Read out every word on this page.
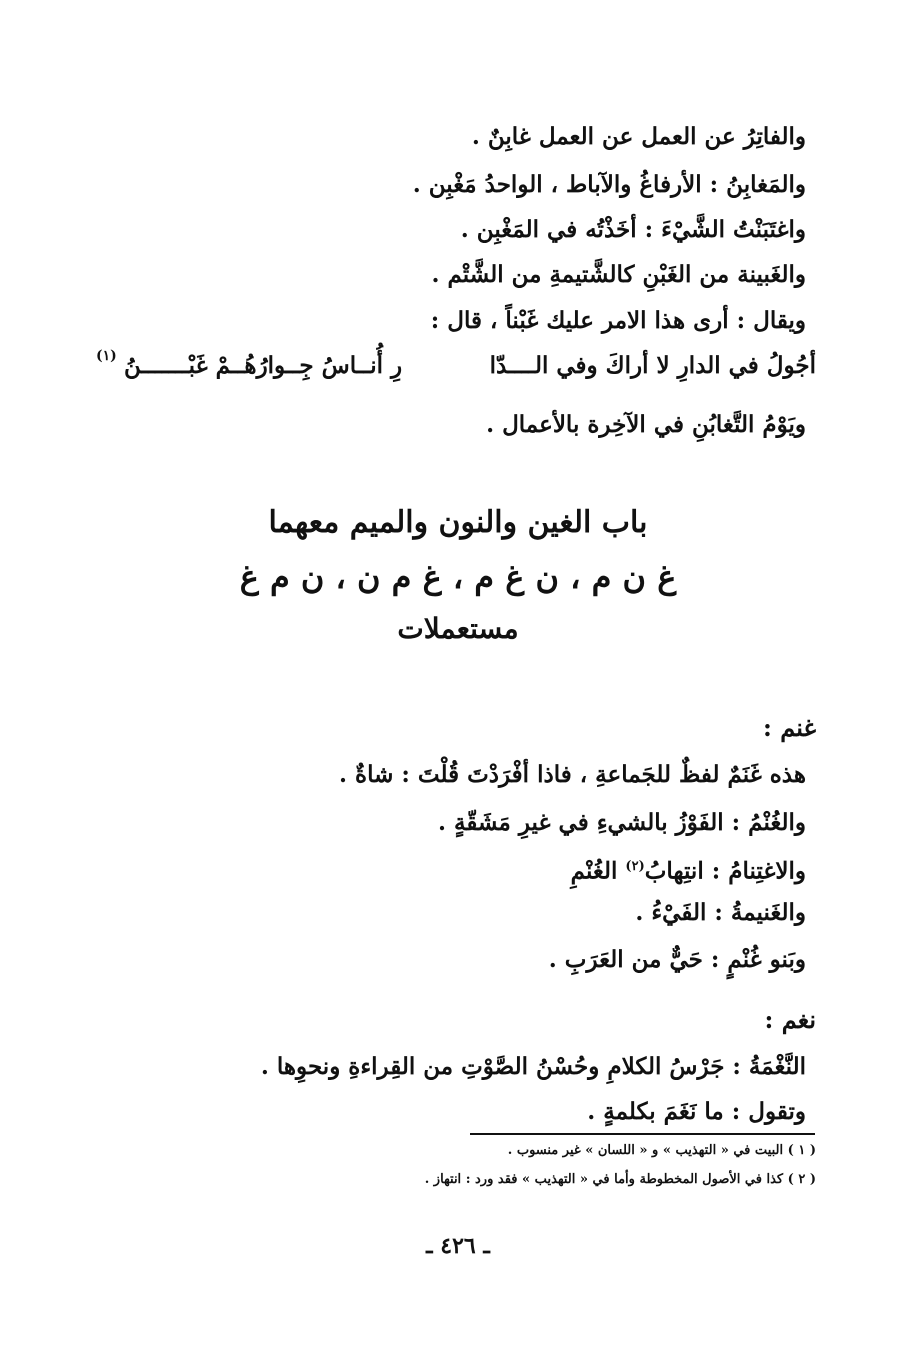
والفاتِرُ عن العمل عن العمل غابِنٌ .
والمَغابِنُ : الأرفاغُ والآباط ، الواحدُ مَغْبِن .
واغتَبَنْتُ الشَّيْءَ : أخَذْتُه في المَغْبِن .
والغَبينة من الغَبْنِ كالشَّتيمةِ من الشَّتْم .
ويقال : أرى هذا الامر عليك غَبْناً ، قال :
أجُولُ في الدارِ لا أراكَ وفي الــــدّا
رِ أُنــاسُ جِــوارُهُــمْ غَبْـــــــنُ
(١)
ويَوْمُ التَّغابُنِ في الآخِرة بالأعمال .
باب الغين والنون والميم معهما
غ ن م ، ن غ م ، غ م ن ، ن م غ
مستعملات
غنم :
هذه غَنَمٌ لفظٌ للجَماعةِ ، فاذا أفْرَدْتَ قُلْتَ : شاةٌ .
والغُنْمُ : الفَوْزُ بالشيءِ في غيرِ مَشَقّةٍ .
والاغتِنامُ : انتِهابُ$^{(٢)}$ الغُنْمِ
والغَنيمةُ : الفَيْءُ .
وبَنو غُنْمٍ : حَيٌّ من العَرَبِ .
نغم :
النَّغْمَةُ : جَرْسُ الكلامِ وحُسْنُ الصَّوْتِ من القِراءةِ ونحوِها .
وتقول : ما نَغَمَ بكلمةٍ .
( ١ ) البيت في « التهذيب » و « اللسان » غير منسوب .
( ٢ ) كذا في الأصول المخطوطة وأما في « التهذيب » فقد ورد : انتهاز .
ـ ٤٢٦ ـ
